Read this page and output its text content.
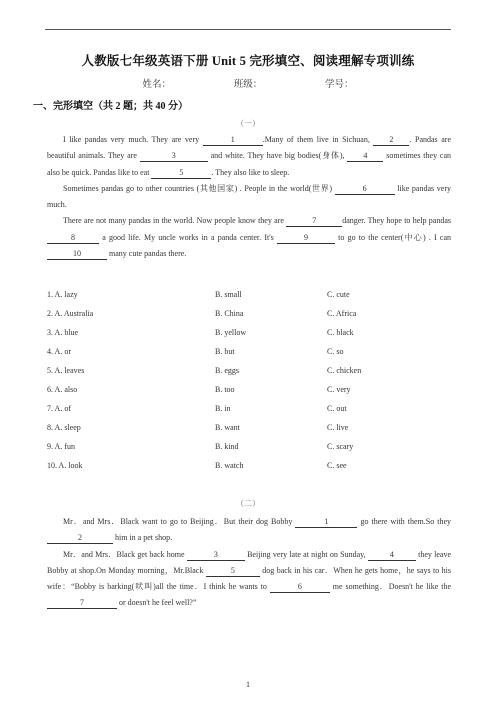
人教版七年级英语下册 Unit 5 完形填空、阅读理解专项训练
姓名：	班级：	学号：
一、完形填空（共 2 题；共 40 分）
（一）

I like pandas very much. They are very	1	.Many of them live in Sichuan, 2 . Pandas are beautiful animals. They are	3	and white. They have big bodies(身体), 4 sometimes they can also be quick. Pandas like to eat	5	. They also like to sleep.

Sometimes pandas go to other countries (其他国家) . People in the world(世界)	6	like pandas very much.

There are not many pandas in the world. Now people know they are	7	danger. They hope to help pandas 8	a good life. My uncle works in a panda center. It's	9	to go to the center(中心) . I can 10	many cute pandas there.

1. A. lazy	B. small	C. cute
2. A. Australia	B. China	C. Africa
3. A. blue	B. yellow	C. black
4. A. or	B. but	C. so
5. A. leaves	B. eggs	C. chicken
6. A. also	B. too	C. very
7. A. of	B. in	C. out
8. A. sleep	B. want	C. live
9. A. fun	B. kind	C. scary
10. A. look	B. watch	C. see
（二）

Mr．and Mrs．Black want to go to Beijing．But their dog Bobby	1	go there with them.So they 2	him in a pet shop．

Mr．and Mrs．Black get back home	3	Beijing very late at night on Sunday,	4	they leave Bobby at shop.On Monday morning，Mr.Black	5	dog back in his car．When he gets home，he says to his wife：“Bobby is barking(吠叫)all the time．I think he wants to	6	me something．Doesn't he like the 7	or doesn't he feel well?”

1
